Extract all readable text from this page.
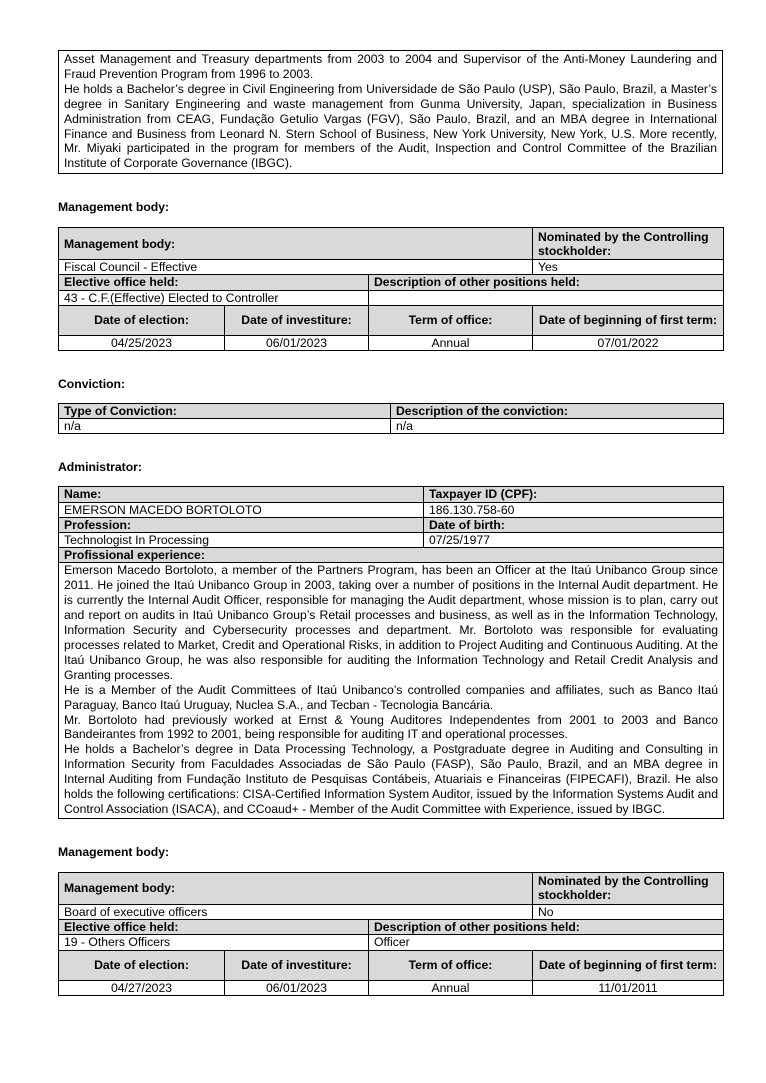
Asset Management and Treasury departments from 2003 to 2004 and Supervisor of the Anti-Money Laundering and Fraud Prevention Program from 1996 to 2003.

He holds a Bachelor’s degree in Civil Engineering from Universidade de São Paulo (USP), São Paulo, Brazil, a Master’s degree in Sanitary Engineering and waste management from Gunma University, Japan, specialization in Business Administration from CEAG, Fundação Getulio Vargas (FGV), São Paulo, Brazil, and an MBA degree in International Finance and Business from Leonard N. Stern School of Business, New York University, New York, U.S. More recently, Mr. Miyaki participated in the program for members of the Audit, Inspection and Control Committee of the Brazilian Institute of Corporate Governance (IBGC).

Management body:

Management body:			Nominated by the Controlling stockholder:
Fiscal Council - Effective			Yes
Elective office held:		Description of other positions held:	
43 - C.F.(Effective) Elected to Controller			
Date of election:	Date of investiture:	Term of office:	Date of beginning of first term:
04/25/2023	06/01/2023	Annual	07/01/2022

Conviction:

Type of Conviction:	Description of the conviction:
n/a	n/a

Administrator:

Name:	Taxpayer ID (CPF):
EMERSON MACEDO BORTOLOTO	186.130.758-60
Profession:	Date of birth:
Technologist In Processing	07/25/1977
Profissional experience:	

Emerson Macedo Bortoloto, a member of the Partners Program, has been an Officer at the Itaú Unibanco Group since 2011. He joined the Itaú Unibanco Group in 2003, taking over a number of positions in the Internal Audit department. He is currently the Internal Audit Officer, responsible for managing the Audit department, whose mission is to plan, carry out and report on audits in Itaú Unibanco Group’s Retail processes and business, as well as in the Information Technology, Information Security and Cybersecurity processes and department. Mr. Bortoloto was responsible for evaluating processes related to Market, Credit and Operational Risks, in addition to Project Auditing and Continuous Auditing. At the Itaú Unibanco Group, he was also responsible for auditing the Information Technology and Retail Credit Analysis and Granting processes.

He is a Member of the Audit Committees of Itaú Unibanco’s controlled companies and affiliates, such as Banco Itaú Paraguay, Banco Itaú Uruguay, Nuclea S.A., and Tecban - Tecnologia Bancária.

Mr. Bortoloto had previously worked at Ernst & Young Auditores Independentes from 2001 to 2003 and Banco Bandeirantes from 1992 to 2001, being responsible for auditing IT and operational processes.

He holds a Bachelor’s degree in Data Processing Technology, a Postgraduate degree in Auditing and Consulting in Information Security from Faculdades Associadas de São Paulo (FASP), São Paulo, Brazil, and an MBA degree in Internal Auditing from Fundação Instituto de Pesquisas Contábeis, Atuariais e Financeiras (FIPECAFI), Brazil. He also holds the following certifications: CISA-Certified Information System Auditor, issued by the Information Systems Audit and Control Association (ISACA), and CCoaud+ - Member of the Audit Committee with Experience, issued by IBGC.	

Management body:

Management body:			Nominated by the Controlling stockholder:
Board of executive officers			No
Elective office held:		Description of other positions held:	
19 - Others Officers		Officer	
Date of election:	Date of investiture:	Term of office:	Date of beginning of first term:
04/27/2023	06/01/2023	Annual	11/01/2011
